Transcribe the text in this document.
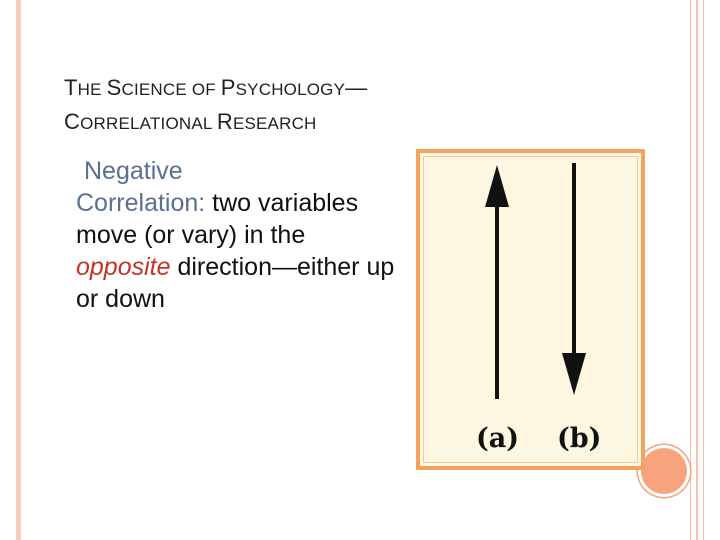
THE SCIENCE OF PSYCHOLOGY—
CORRELATIONAL RESEARCH
Negative
Correlation: two variables move (or vary) in the opposite direction—either up or down
(a) (b)
